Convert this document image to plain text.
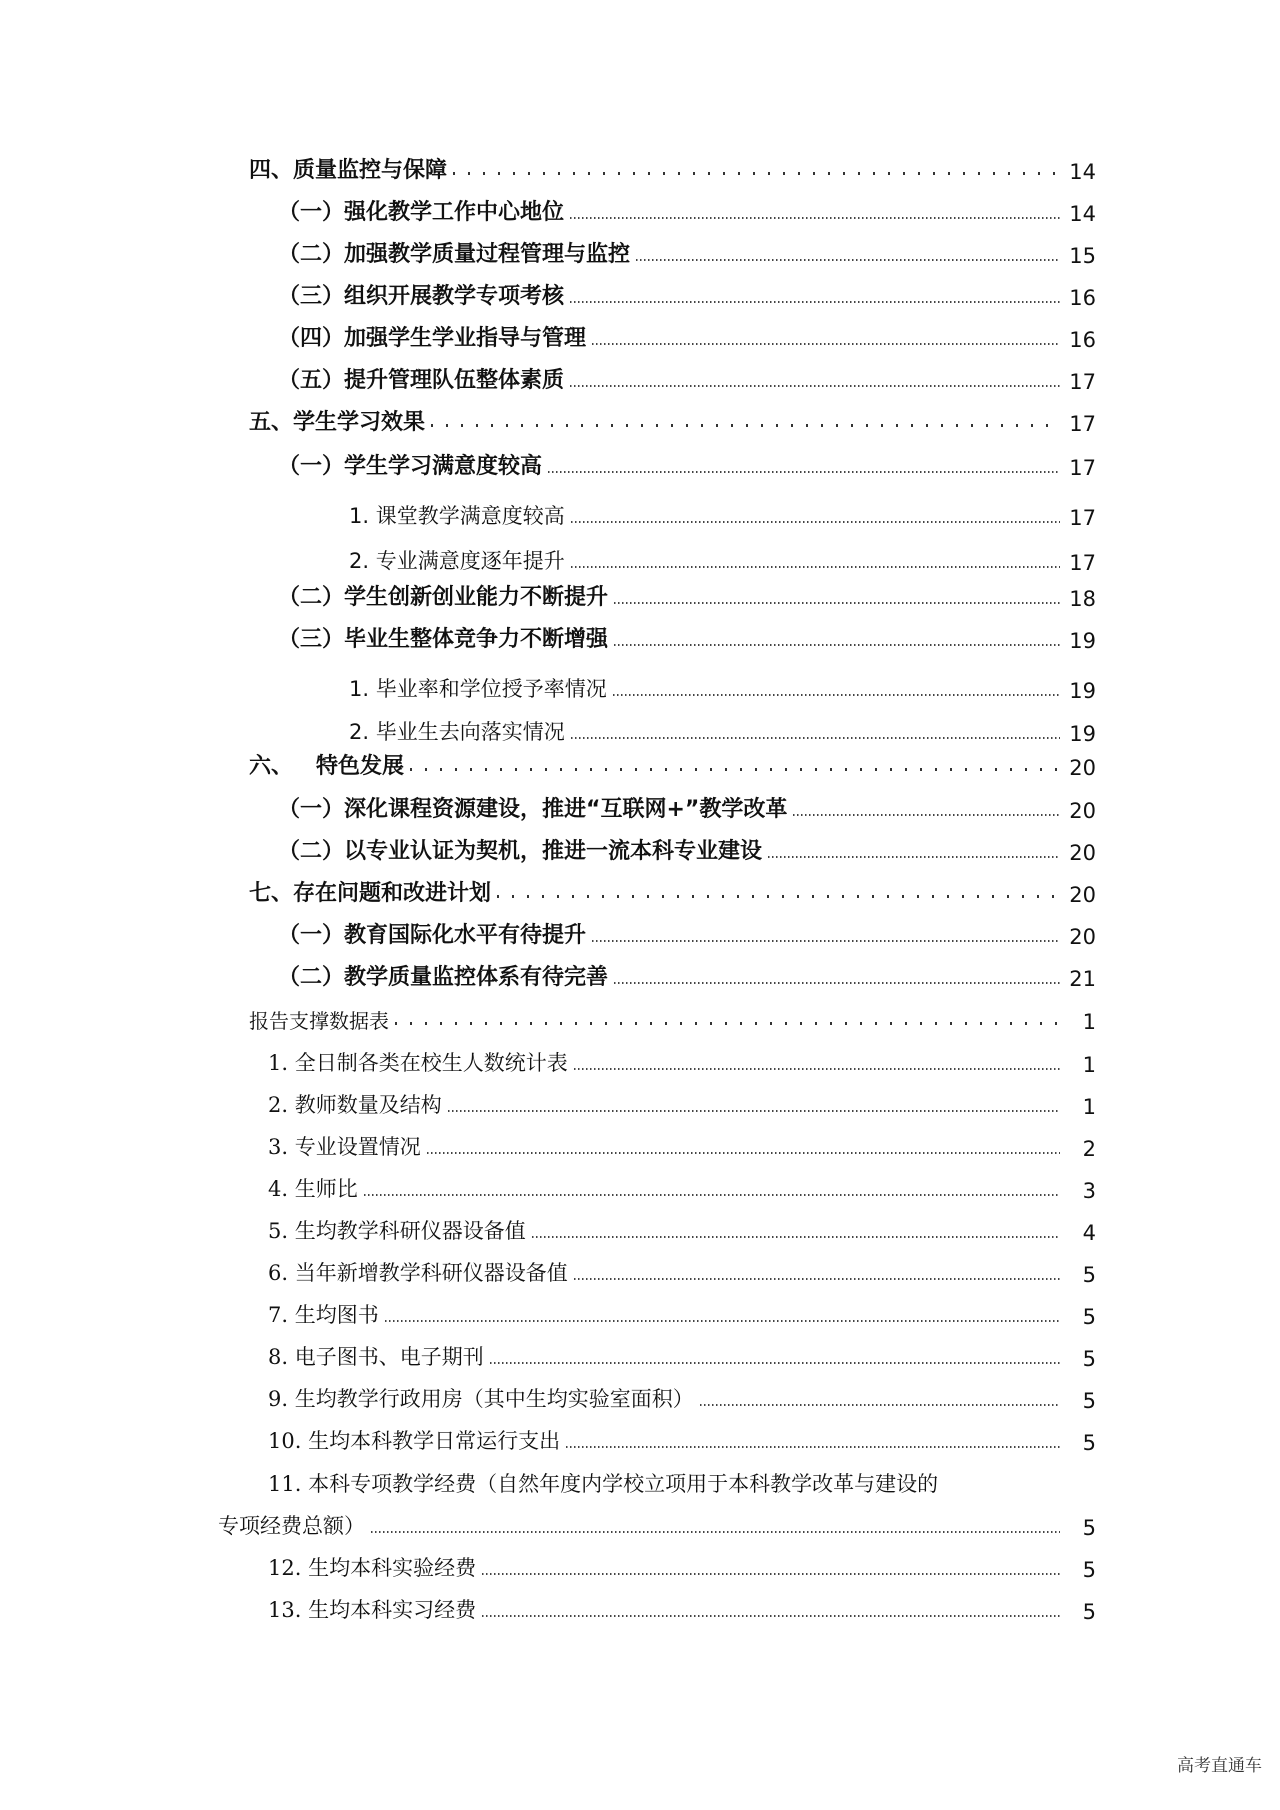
四、质量监控与保障	14
（一）强化教学工作中心地位	14
（二）加强教学质量过程管理与监控	15
（三）组织开展教学专项考核	16
（四）加强学生学业指导与管理	16
（五）提升管理队伍整体素质	17
五、学生学习效果	17
（一）学生学习满意度较高	17
1. 课堂教学满意度较高	17
2. 专业满意度逐年提升	17
（二）学生创新创业能力不断提升	18
（三）毕业生整体竞争力不断增强	19
1. 毕业率和学位授予率情况	19
2. 毕业生去向落实情况	19
六、   特色发展	20
（一）深化课程资源建设，推进“互联网+”教学改革	20
（二）以专业认证为契机，推进一流本科专业建设	20
七、存在问题和改进计划	20
（一）教育国际化水平有待提升	20
（二）教学质量监控体系有待完善	21
报告支撑数据表	1
1. 全日制各类在校生人数统计表	1
2. 教师数量及结构	1
3. 专业设置情况	2
4. 生师比	3
5. 生均教学科研仪器设备值	4
6. 当年新增教学科研仪器设备值	5
7. 生均图书	5
8. 电子图书、电子期刊	5
9. 生均教学行政用房（其中生均实验室面积）	5
10. 生均本科教学日常运行支出	5
11. 本科专项教学经费（自然年度内学校立项用于本科教学改革与建设的
专项经费总额）	5
12. 生均本科实验经费	5
13. 生均本科实习经费	5
高考直通车
